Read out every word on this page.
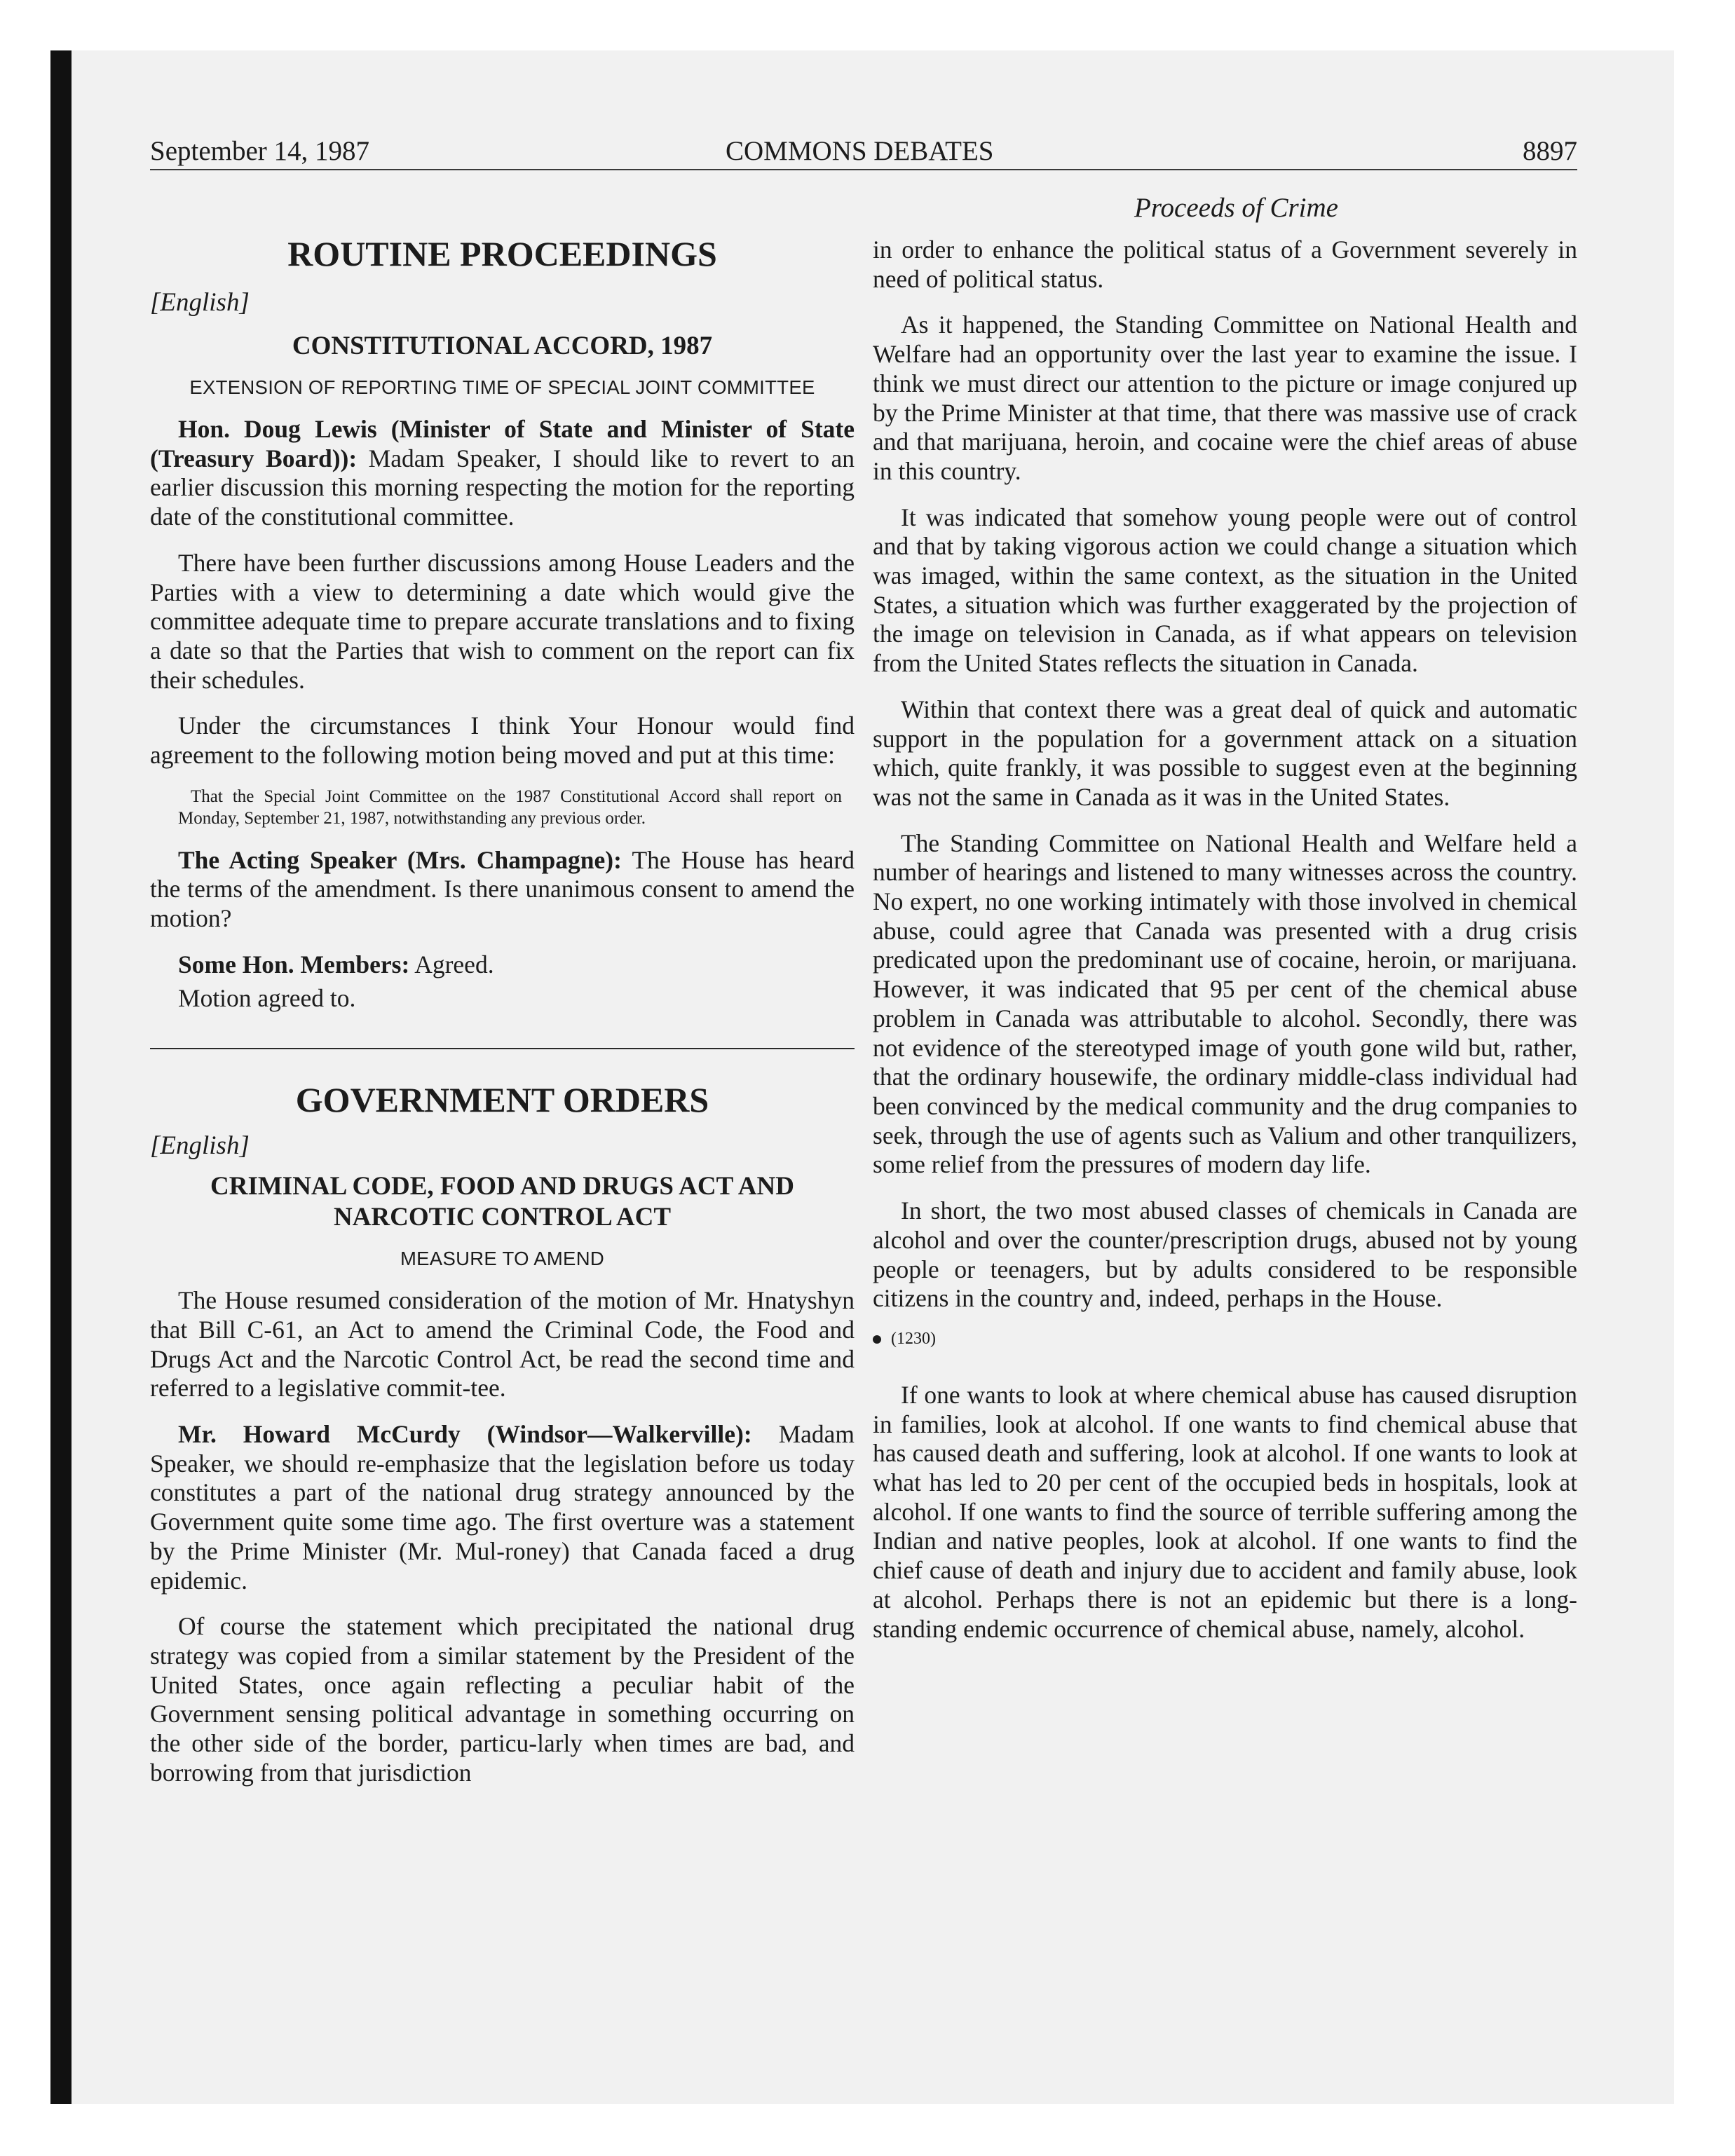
September 14, 1987	COMMONS DEBATES	8897
Proceeds of Crime
ROUTINE PROCEEDINGS

[English]

CONSTITUTIONAL ACCORD, 1987

EXTENSION OF REPORTING TIME OF SPECIAL JOINT COMMITTEE

Hon. Doug Lewis (Minister of State and Minister of State (Treasury Board)): Madam Speaker, I should like to revert to an earlier discussion this morning respecting the motion for the reporting date of the constitutional committee.

There have been further discussions among House Leaders and the Parties with a view to determining a date which would give the committee adequate time to prepare accurate translations and to fixing a date so that the Parties that wish to comment on the report can fix their schedules.

Under the circumstances I think Your Honour would find agreement to the following motion being moved and put at this time:

That the Special Joint Committee on the 1987 Constitutional Accord shall report on Monday, September 21, 1987, notwithstanding any previous order.

The Acting Speaker (Mrs. Champagne): The House has heard the terms of the amendment. Is there unanimous consent to amend the motion?

Some Hon. Members: Agreed.

Motion agreed to.

GOVERNMENT ORDERS

[English]

CRIMINAL CODE, FOOD AND DRUGS ACT AND
NARCOTIC CONTROL ACT

MEASURE TO AMEND

The House resumed consideration of the motion of Mr. Hnatyshyn that Bill C-61, an Act to amend the Criminal Code, the Food and Drugs Act and the Narcotic Control Act, be read the second time and referred to a legislative commit-tee.

Mr. Howard McCurdy (Windsor—Walkerville): Madam Speaker, we should re-emphasize that the legislation before us today constitutes a part of the national drug strategy announced by the Government quite some time ago. The first overture was a statement by the Prime Minister (Mr. Mul-roney) that Canada faced a drug epidemic.

Of course the statement which precipitated the national drug strategy was copied from a similar statement by the President of the United States, once again reflecting a peculiar habit of the Government sensing political advantage in something occurring on the other side of the border, particu-larly when times are bad, and borrowing from that jurisdiction

in order to enhance the political status of a Government severely in need of political status.

As it happened, the Standing Committee on National Health and Welfare had an opportunity over the last year to examine the issue. I think we must direct our attention to the picture or image conjured up by the Prime Minister at that time, that there was massive use of crack and that marijuana, heroin, and cocaine were the chief areas of abuse in this country.

It was indicated that somehow young people were out of control and that by taking vigorous action we could change a situation which was imaged, within the same context, as the situation in the United States, a situation which was further exaggerated by the projection of the image on television in Canada, as if what appears on television from the United States reflects the situation in Canada.

Within that context there was a great deal of quick and automatic support in the population for a government attack on a situation which, quite frankly, it was possible to suggest even at the beginning was not the same in Canada as it was in the United States.

The Standing Committee on National Health and Welfare held a number of hearings and listened to many witnesses across the country. No expert, no one working intimately with those involved in chemical abuse, could agree that Canada was presented with a drug crisis predicated upon the predominant use of cocaine, heroin, or marijuana. However, it was indicated that 95 per cent of the chemical abuse problem in Canada was attributable to alcohol. Secondly, there was not evidence of the stereotyped image of youth gone wild but, rather, that the ordinary housewife, the ordinary middle-class individual had been convinced by the medical community and the drug companies to seek, through the use of agents such as Valium and other tranquilizers, some relief from the pressures of modern day life.

In short, the two most abused classes of chemicals in Canada are alcohol and over the counter/prescription drugs, abused not by young people or teenagers, but by adults considered to be responsible citizens in the country and, indeed, perhaps in the House.

(1230)

If one wants to look at where chemical abuse has caused disruption in families, look at alcohol. If one wants to find chemical abuse that has caused death and suffering, look at alcohol. If one wants to look at what has led to 20 per cent of the occupied beds in hospitals, look at alcohol. If one wants to find the source of terrible suffering among the Indian and native peoples, look at alcohol. If one wants to find the chief cause of death and injury due to accident and family abuse, look at alcohol. Perhaps there is not an epidemic but there is a long-standing endemic occurrence of chemical abuse, namely, alcohol.
